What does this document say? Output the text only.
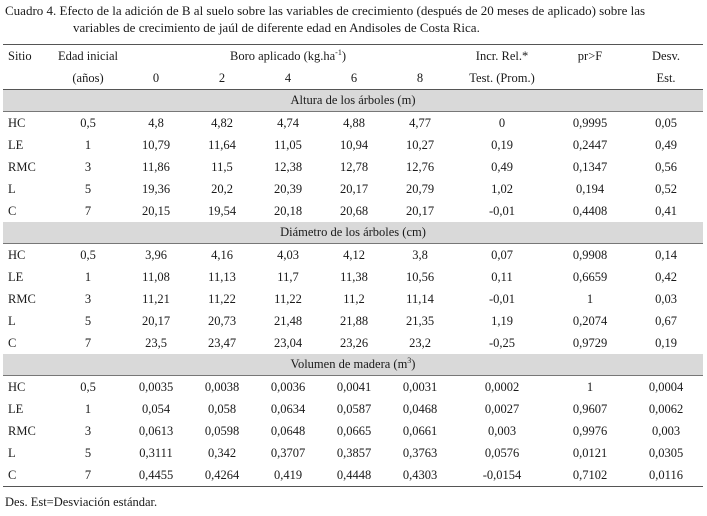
Cuadro 4. Efecto de la adición de B al suelo sobre las variables de crecimiento (después de 20 meses de aplicado) sobre las

variables de crecimiento de jaúl de diferente edad en Andisoles de Costa Rica.

Sitio	Edad inicial	Boro aplicado $(kg.ha^{-1})$					Incr. Rel.*	pr>F	Desv.
	(años)	0	2	4	6	8	Test. (Prom.)		Est.
Altura de los árboles (m)									
HC	0,5	4,8	4,82	4,74	4,88	4,77	0	0,9995	0,05
LE	1	10,79	11,64	11,05	10,94	10,27	0,19	0,2447	0,49
RMC	3	11,86	11,5	12,38	12,78	12,76	0,49	0,1347	0,56
L	5	19,36	20,2	20,39	20,17	20,79	1,02	0,194	0,52
C	7	20,15	19,54	20,18	20,68	20,17	-0,01	0,4408	0,41
Diámetro de los árboles (cm)									
HC	0,5	3,96	4,16	4,03	4,12	3,8	0,07	0,9908	0,14
LE	1	11,08	11,13	11,7	11,38	10,56	0,11	0,6659	0,42
RMC	3	11,21	11,22	11,22	11,2	11,14	-0,01	1	0,03
L	5	20,17	20,73	21,48	21,88	21,35	1,19	0,2074	0,67
C	7	23,5	23,47	23,04	23,26	23,2	-0,25	0,9729	0,19
Volumen de madera $(m^3)$									
HC	0,5	0,0035	0,0038	0,0036	0,0041	0,0031	0,0002	1	0,0004
LE	1	0,054	0,058	0,0634	0,0587	0,0468	0,0027	0,9607	0,0062
RMC	3	0,0613	0,0598	0,0648	0,0665	0,0661	0,003	0,9976	0,003
L	5	0,3111	0,342	0,3707	0,3857	0,3763	0,0576	0,0121	0,0305
C	7	0,4455	0,4264	0,419	0,4448	0,4303	-0,0154	0,7102	0,0116

Des. Est=Desviación estándar.
